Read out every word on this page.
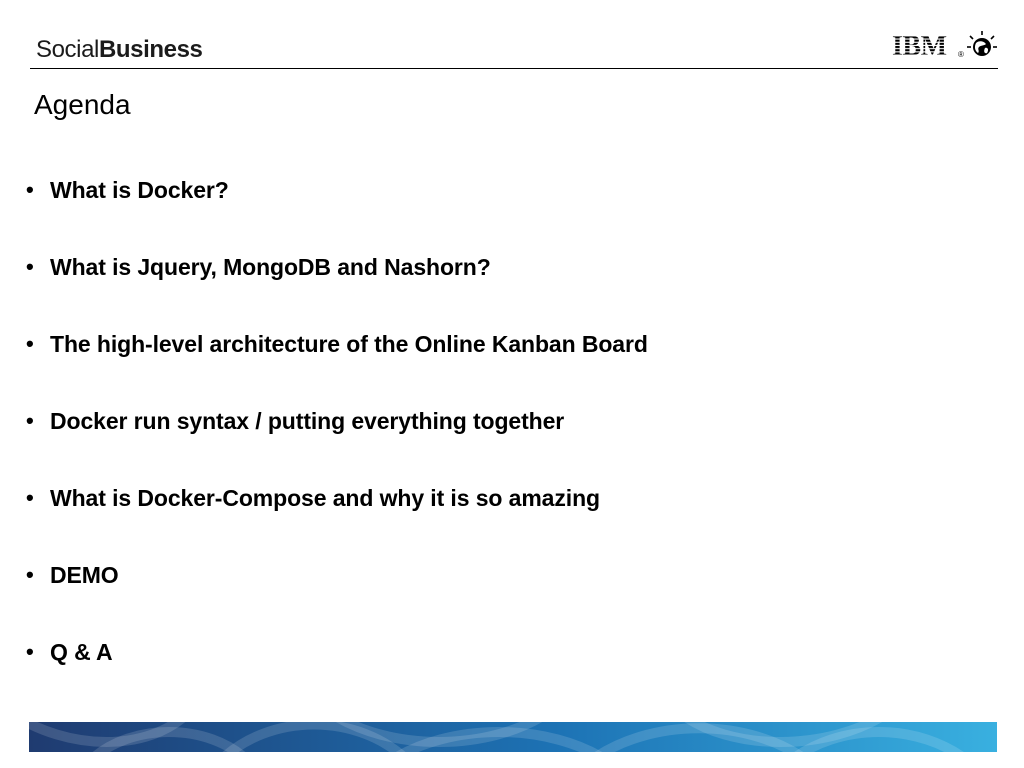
SocialBusiness	IBM ®
Agenda
• What is Docker?
• What is Jquery, MongoDB and Nashorn?
• The high-level architecture of the Online Kanban Board
• Docker run syntax / putting everything together
• What is Docker-Compose and why it is so amazing
• DEMO
• Q & A
